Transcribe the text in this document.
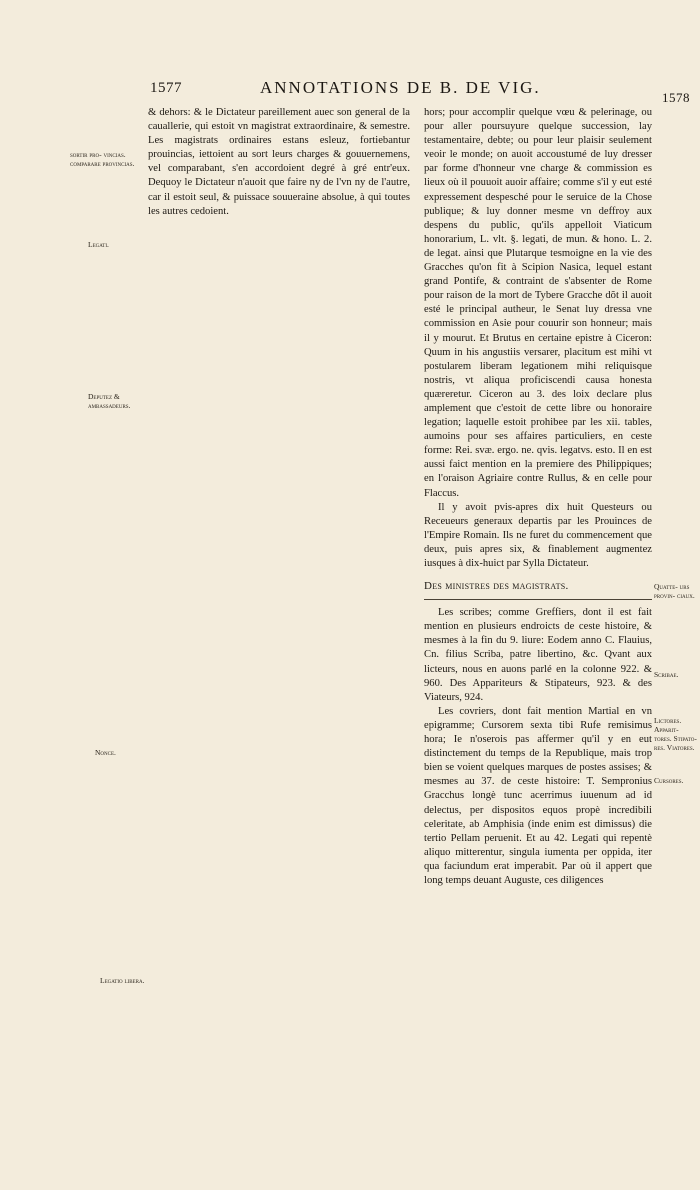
1577	ANNOTATIONS DE B. DE VIG.
1578
sortir pro- vincias. comparare provincias.
Legati.
Deputez & ambassadeurs.
Nonce.
Legatio libera.
Quatte- urs provin- ciaux.
Scribae.
Lictores. Apparit- tores. Stipato- res. Viatores.
Cursores.

& dehors: & le Dictateur pareillement auec son general de la cauallerie, qui estoit vn magistrat extraordinaire, & semestre. Les magistrats ordinaires estans esleuz, fortiebantur prouincias, iettoient au sort leurs charges & gouuernemens, vel comparabant, s'en accordoient degré à gré entr'eux. Dequoy le Dictateur n'auoit que faire ny de l'vn ny de l'autre, car il estoit seul, & puissace souueraine absolue, à qui toutes les autres cedoient.

hors; pour accomplir quelque vœu & pelerinage, ou pour aller poursuyure quelque succession, lay testamentaire, debte; ou pour leur plaisir seulement veoir le monde; on auoit accoustumé de luy dresser par forme d'honneur vne charge & commission es lieux où il pouuoit auoir affaire; comme s'il y eut esté expressement despesché pour le seruice de la Chose publique; & luy donner mesme vn deffroy aux despens du public, qu'ils appelloit Viaticum honorarium, L. vlt. §. legati, de mun. & hono. L. 2. de legat. ainsi que Plutarque tesmoigne en la vie des Gracches qu'on fit à Scipion Nasica, lequel estant grand Pontife, & contraint de s'absenter de Rome pour raison de la mort de Tybere Gracche dõt il auoit esté le principal autheur, le Senat luy dressa vne commission en Asie pour couurir son honneur; mais il y mourut. Et Brutus en certaine epistre à Ciceron: Quum in his angustiis versarer, placitum est mihi vt postularem liberam legationem mihi reliquisque nostris, vt aliqua proficiscendi causa honesta quæreretur. Ciceron au 3. des loix declare plus amplement que c'estoit de cette libre ou honoraire legation; laquelle estoit prohibee par les xii. tables, aumoins pour ses affaires particuliers, en ceste forme: Rei. svæ. ergo. ne. qvis. legatvs. esto. Il en est aussi faict mention en la premiere des Philippiques; en l'oraison Agriaire contre Rullus, & en celle pour Flaccus.

Il y avoit pvis-apres dix huit Questeurs ou Receueurs generaux departis par les Prouinces de l'Empire Romain. Ils ne furet du commencement que deux, puis apres six, & finablement augmentez iusques à dix-huict par Sylla Dictateur.

Des ministres des magistrats.

Les scribes; comme Greffiers, dont il est fait mention en plusieurs endroicts de ceste histoire, & mesmes à la fin du 9. liure: Eodem anno C. Flauius, Cn. filius Scriba, patre libertino, &c. Qvant aux licteurs, nous en auons parlé en la colonne 922. & 960. Des Appariteurs & Stipateurs, 923. & des Viateurs, 924.

Les covriers, dont fait mention Martial en vn epigramme; Cursorem sexta tibi Rufe remisimus hora; Ie n'oserois pas affermer qu'il y en eut distinctement du temps de la Republique, mais trop bien se voient quelques marques de postes assises; & mesmes au 37. de ceste histoire: T. Sempronius Gracchus longè tunc acerrimus iuuenum ad id delectus, per dispositos equos propè incredibili celeritate, ab Amphisia (inde enim est dimissus) die tertio Pellam peruenit. Et au 42. Legati qui repentè aliquo mitterentur, singula iumenta per oppida, iter qua faciundum erat imperabit. Par où il appert que long temps deuant Auguste, ces diligences
